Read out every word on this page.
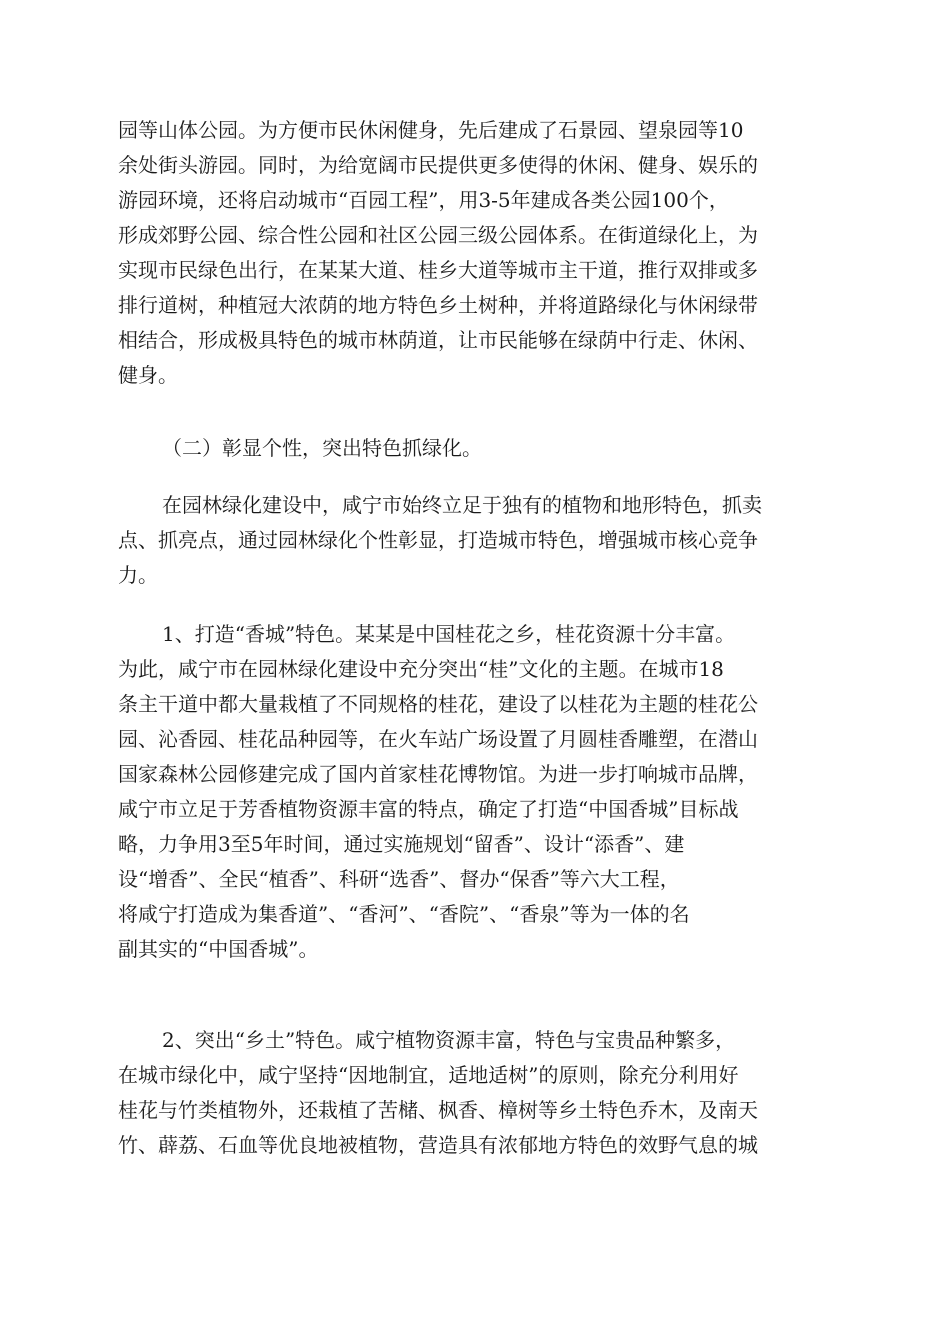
园等山体公园。为方便市民休闲健身，先后建成了石景园、望泉园等10
余处街头游园。同时，为给宽阔市民提供更多使得的休闲、健身、娱乐的
游园环境，还将启动城市“百园工程”，用3-5年建成各类公园100个，
形成郊野公园、综合性公园和社区公园三级公园体系。在街道绿化上，为
实现市民绿色出行，在某某大道、桂乡大道等城市主干道，推行双排或多
排行道树，种植冠大浓荫的地方特色乡土树种，并将道路绿化与休闲绿带
相结合，形成极具特色的城市林荫道，让市民能够在绿荫中行走、休闲、
健身。
（二）彰显个性，突出特色抓绿化。
在园林绿化建设中，咸宁市始终立足于独有的植物和地形特色，抓卖
点、抓亮点，通过园林绿化个性彰显，打造城市特色，增强城市核心竞争
力。
1、打造“香城”特色。某某是中国桂花之乡，桂花资源十分丰富。
为此，咸宁市在园林绿化建设中充分突出“桂”文化的主题。在城市18
条主干道中都大量栽植了不同规格的桂花，建设了以桂花为主题的桂花公
园、沁香园、桂花品种园等，在火车站广场设置了月圆桂香雕塑，在潜山
国家森林公园修建完成了国内首家桂花博物馆。为进一步打响城市品牌，
咸宁市立足于芳香植物资源丰富的特点，确定了打造“中国香城”目标战
略，力争用3至5年时间，通过实施规划“留香”、设计“添香”、建
设“增香”、全民“植香”、科研“选香”、督办“保香”等六大工程，
将咸宁打造成为集香道”、“香河”、“香院”、“香泉”等为一体的名
副其实的“中国香城”。
2、突出“乡土”特色。咸宁植物资源丰富，特色与宝贵品种繁多，
在城市绿化中，咸宁坚持“因地制宜，适地适树”的原则，除充分利用好
桂花与竹类植物外，还栽植了苦槠、枫香、樟树等乡土特色乔木，及南天
竹、薜荔、石血等优良地被植物，营造具有浓郁地方特色的效野气息的城
